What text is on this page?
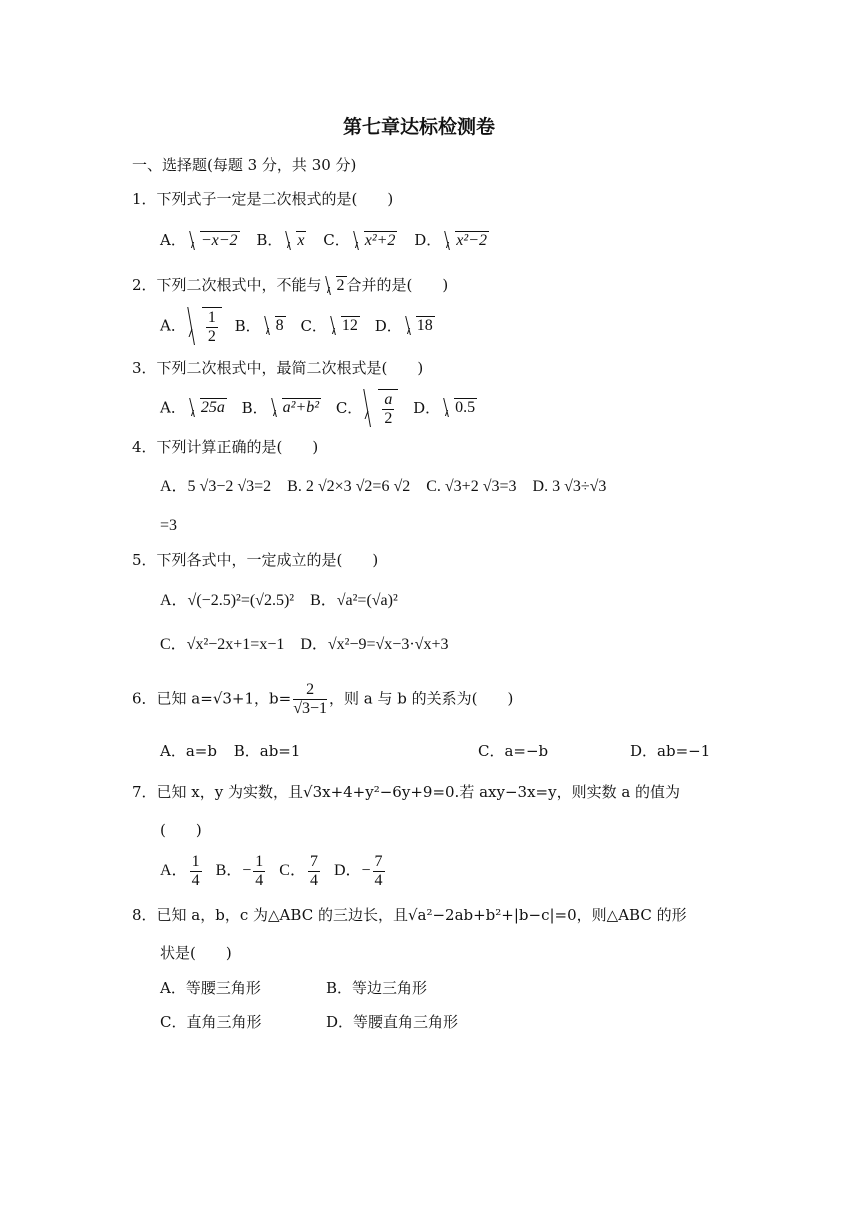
第七章达标检测卷
一、选择题(每题 3 分，共 30 分)
1．下列式子一定是二次根式的是(　　)
A． −x−2 B． x C． x²+2 D． x²−2
2．下列二次根式中，不能与 2 合并的是(　　)
A． $\frac{1}{2}$ B． 8 C． 12 D． 18
3．下列二次根式中，最简二次根式是(　　)
A． 25a B． a²+b² C． $\frac{a}{2}$ D． 0.5
4．下列计算正确的是(　　)
A．5 √3−2 √3=2　B. 2 √2×3 √2=6 √2　C. √3+2 √3=3　D. 3 √3÷√3
=3
5．下列各式中，一定成立的是(　　)
A．√(−2.5)²=(√2.5)²　B．√a²=(√a)²
C．√x²−2x+1=x−1　D．√x²−9=√x−3·√x+3
6．已知 a=√3+1，$b= \frac{2}{√3-1}$ ，则 a 与 b 的关系为(　　)
A．a=b B．ab=1	C．a=−b	D．ab=−1
7．已知 x，y 为实数，且√3x+4+y²−6y+9=0.若 axy−3x=y，则实数 a 的值为
(　　)
A． $\frac{1}{4}$ B．− $\frac{1}{4}$ C． $\frac{7}{4}$ D．− $\frac{7}{4}$
8．已知 a，b，c 为△ABC 的三边长，且√a²−2ab+b²+|b−c|=0，则△ABC 的形
状是(　　)
A．等腰三角形	B．等边三角形
C．直角三角形	D．等腰直角三角形
